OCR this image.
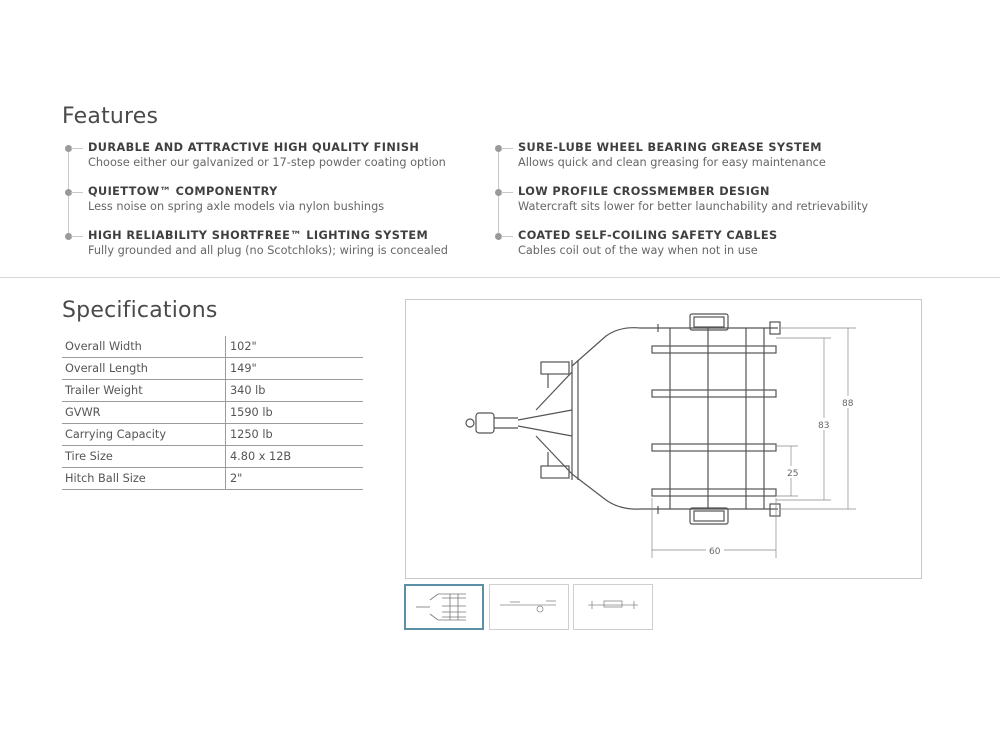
Features
DURABLE AND ATTRACTIVE HIGH QUALITY FINISH
Choose either our galvanized or 17-step powder coating option
QUIETTOW™ COMPONENTRY
Less noise on spring axle models via nylon bushings
HIGH RELIABILITY SHORTFREE™ LIGHTING SYSTEM
Fully grounded and all plug (no Scotchloks); wiring is concealed
SURE-LUBE WHEEL BEARING GREASE SYSTEM
Allows quick and clean greasing for easy maintenance
LOW PROFILE CROSSMEMBER DESIGN
Watercraft sits lower for better launchability and retrievability
COATED SELF-COILING SAFETY CABLES
Cables coil out of the way when not in use
Specifications
Overall Width	102"
Overall Length	149"
Trailer Weight	340 lb
GVWR	1590 lb
Carrying Capacity	1250 lb
Tire Size	4.80 x 12B
Hitch Ball Size	2"
88
83
25
60
